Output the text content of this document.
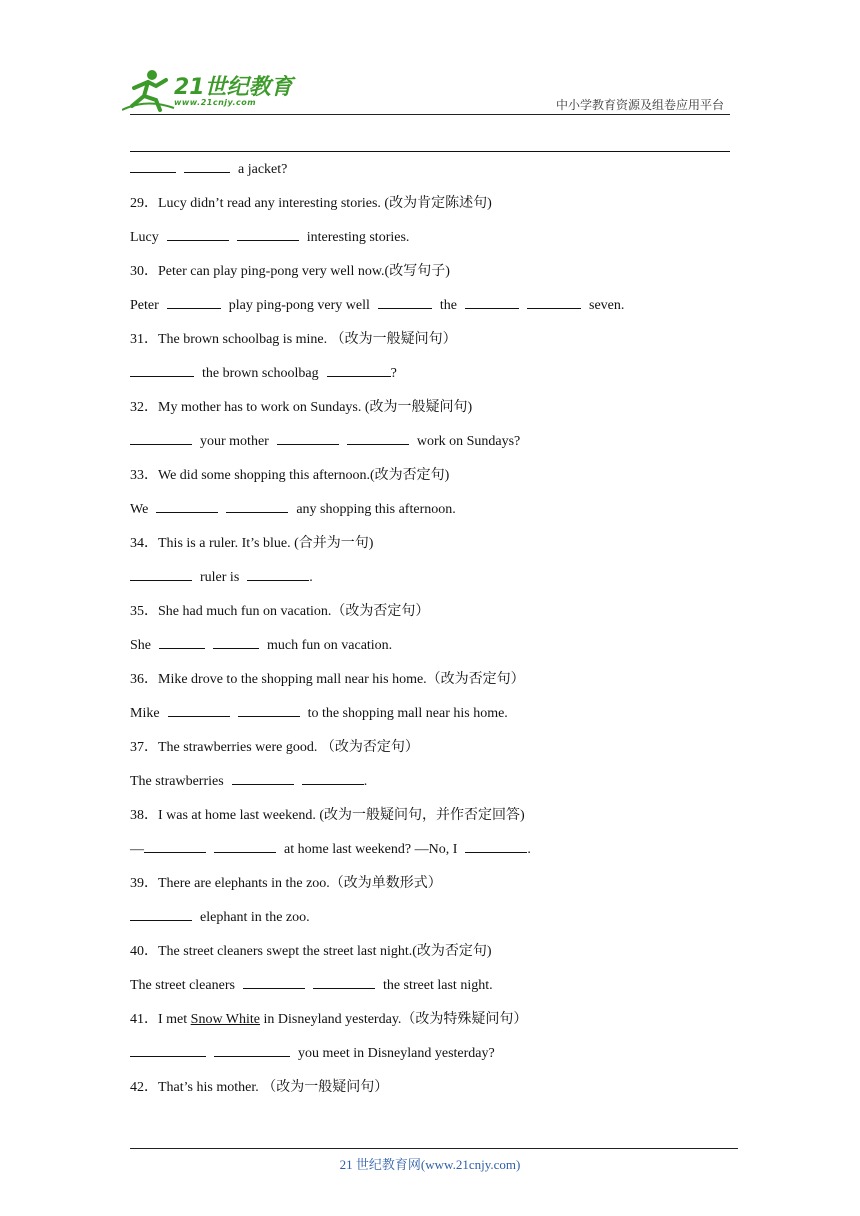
21世纪教育
www.21cnjy.com	中小学教育资源及组卷应用平台
a jacket?
29．Lucy didn’t read any interesting stories. (改为肯定陈述句)
Lucy	interesting stories.
30．Peter can play ping-pong very well now.(改写句子)
Peter	play ping-pong very well	the	seven.
31．The brown schoolbag is mine. （改为一般疑问句）
the brown schoolbag	?
32．My mother has to work on Sundays. (改为一般疑问句)
your mother	work on Sundays?
33．We did some shopping this afternoon.(改为否定句)
We	any shopping this afternoon.
34．This is a ruler. It’s blue. (合并为一句)
ruler is	.
35．She had much fun on vacation.（改为否定句）
She	much fun on vacation.
36．Mike drove to the shopping mall near his home.（改为否定句）
Mike	to the shopping mall near his home.
37．The strawberries were good. （改为否定句）
The strawberries	.
38．I was at home last weekend. (改为一般疑问句，并作否定回答)
—	at home last weekend? —No, I	.
39．There are elephants in the zoo.（改为单数形式）
elephant in the zoo.
40．The street cleaners swept the street last night.(改为否定句)
The street cleaners	the street last night.
41．I met Snow White in Disneyland yesterday.（改为特殊疑问句）
you meet in Disneyland yesterday?
42．That’s his mother. （改为一般疑问句）
21 世纪教育网(www.21cnjy.com)
